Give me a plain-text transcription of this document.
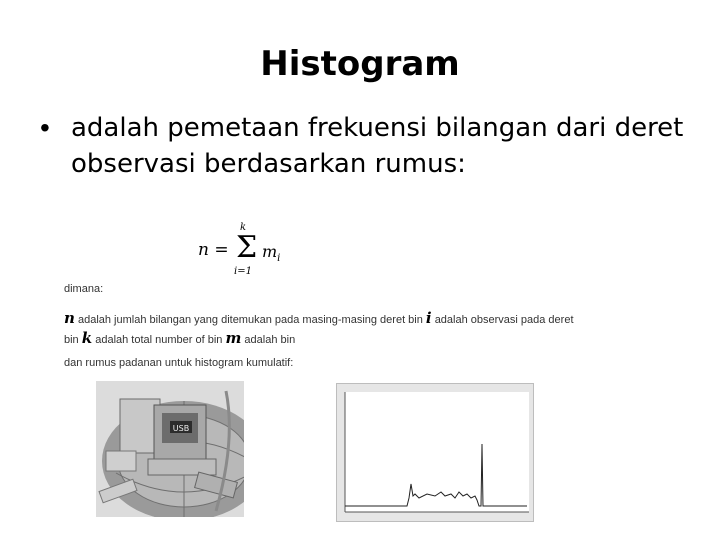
Histogram
• adalah pemetaan frekuensi bilangan dari deret observasi berdasarkan rumus:
n =
k
Σ
i=1
$m_i$
dimana:
n adalah jumlah bilangan yang ditemukan pada masing-masing deret bin i adalah observasi pada deret
bin k adalah total number of bin m adalah bin
dan rumus padanan untuk histogram kumulatif:
USB
